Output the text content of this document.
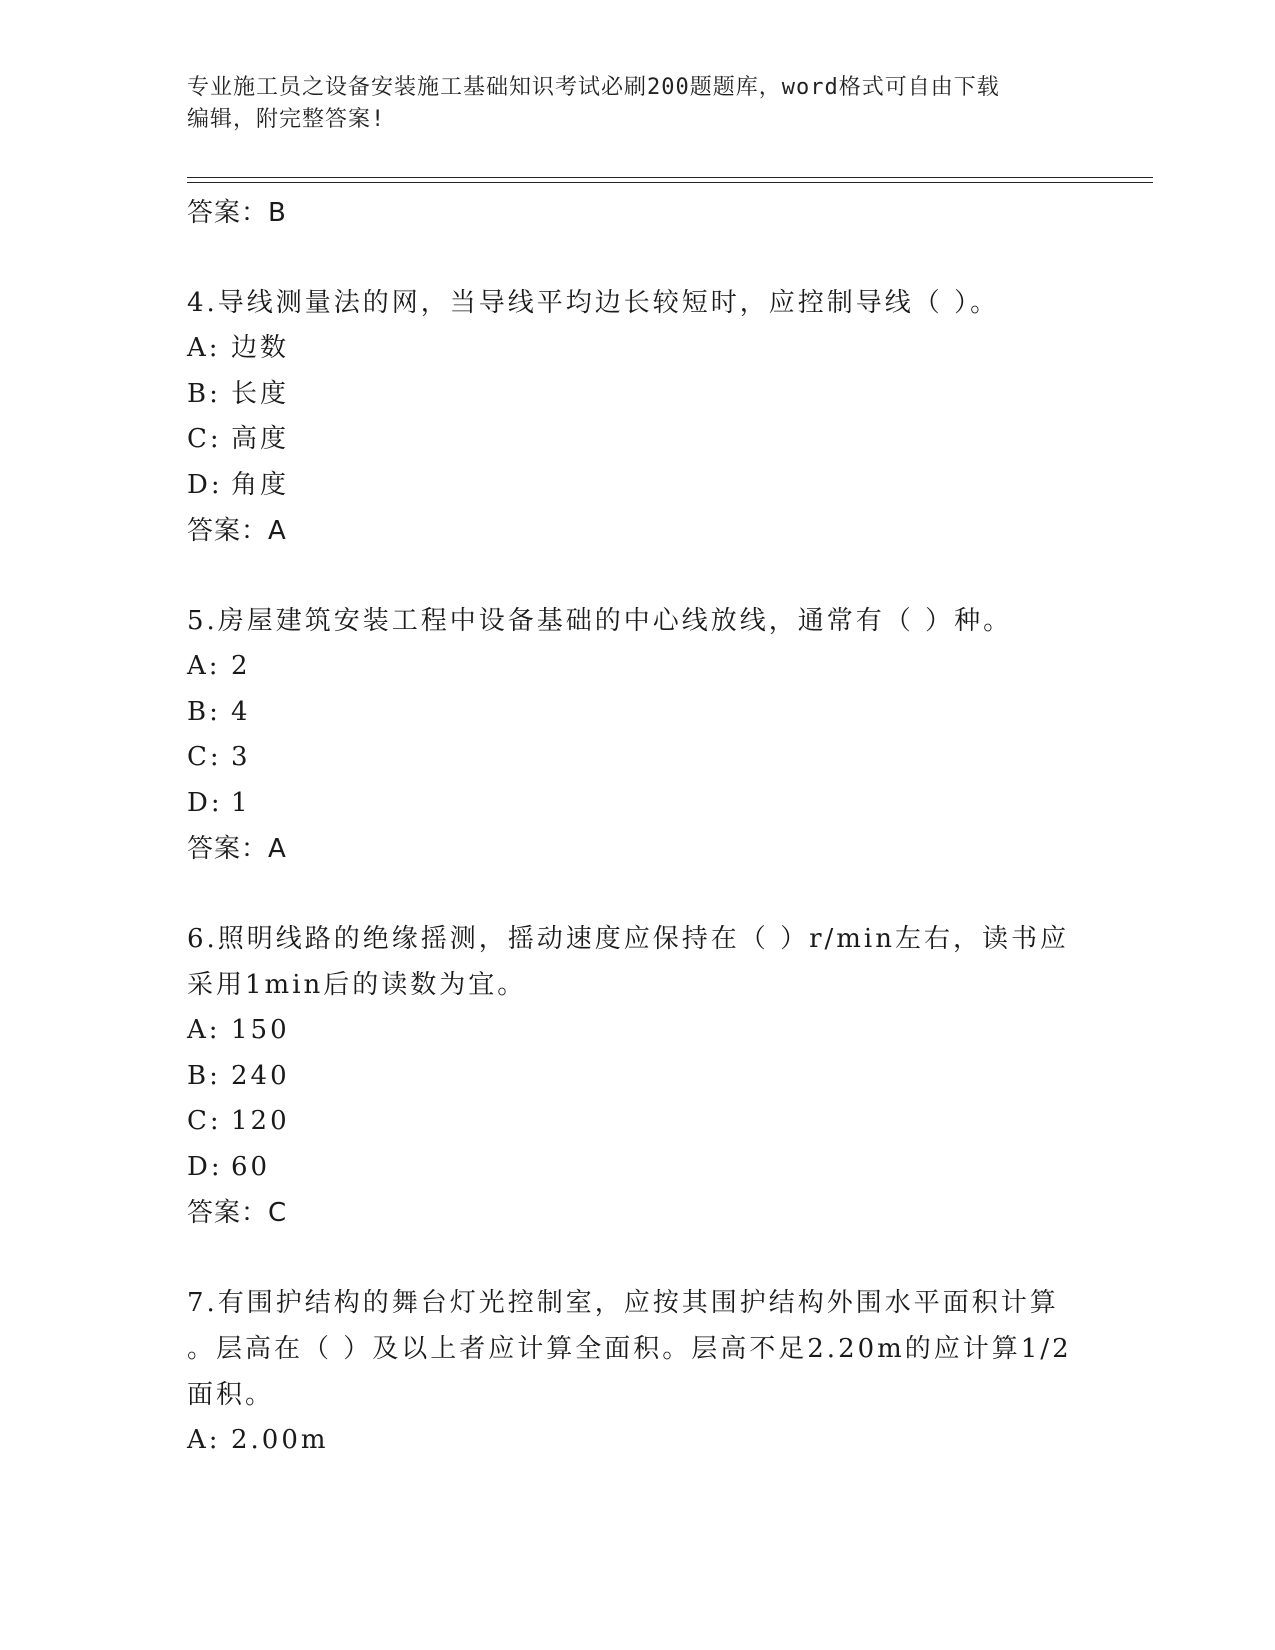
专业施工员之设备安装施工基础知识考试必刷200题题库，word格式可自由下载
编辑，附完整答案!
答案：B
4.导线测量法的网，当导线平均边长较短时，应控制导线（ ）。
A: 边数
B: 长度
C: 高度
D: 角度
答案：A
5.房屋建筑安装工程中设备基础的中心线放线，通常有（ ）种。
A: 2
B: 4
C: 3
D: 1
答案：A
6.照明线路的绝缘摇测，摇动速度应保持在（ ）r/min左右，读书应
采用1min后的读数为宜。
A: 150
B: 240
C: 120
D: 60
答案：C
7.有围护结构的舞台灯光控制室，应按其围护结构外围水平面积计算
。层高在（ ）及以上者应计算全面积。层高不足2.20m的应计算1/2
面积。
A: 2.00m
